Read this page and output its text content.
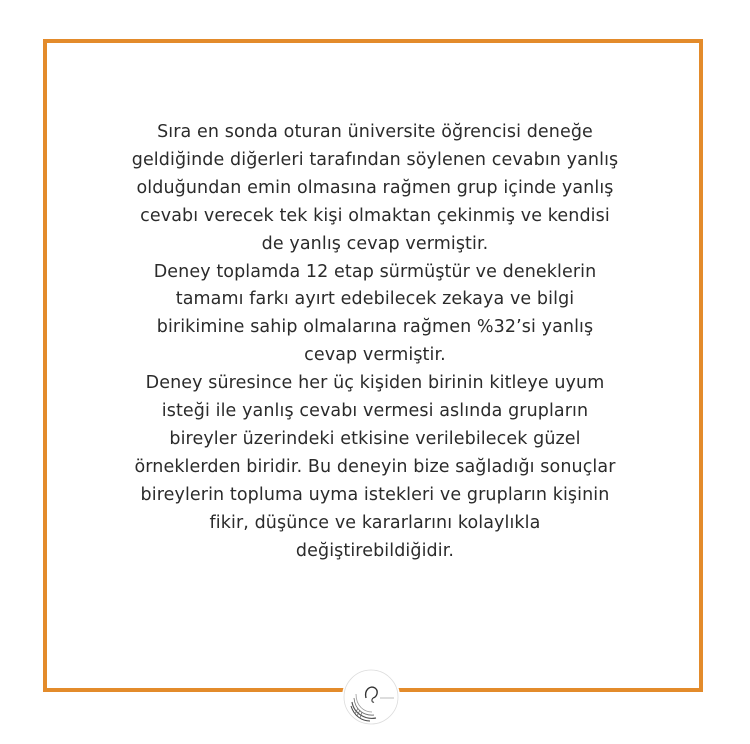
Sıra en sonda oturan üniversite öğrencisi deneğe
geldiğinde diğerleri tarafından söylenen cevabın yanlış
olduğundan emin olmasına rağmen grup içinde yanlış
cevabı verecek tek kişi olmaktan çekinmiş ve kendisi
de yanlış cevap vermiştir.
Deney toplamda 12 etap sürmüştür ve deneklerin
tamamı farkı ayırt edebilecek zekaya ve bilgi
birikimine sahip olmalarına rağmen %32’si yanlış
cevap vermiştir.
Deney süresince her üç kişiden birinin kitleye uyum
isteği ile yanlış cevabı vermesi aslında grupların
bireyler üzerindeki etkisine verilebilecek güzel
örneklerden biridir. Bu deneyin bize sağladığı sonuçlar
bireylerin topluma uyma istekleri ve grupların kişinin
fikir, düşünce ve kararlarını kolaylıkla
değiştirebildiğidir.
